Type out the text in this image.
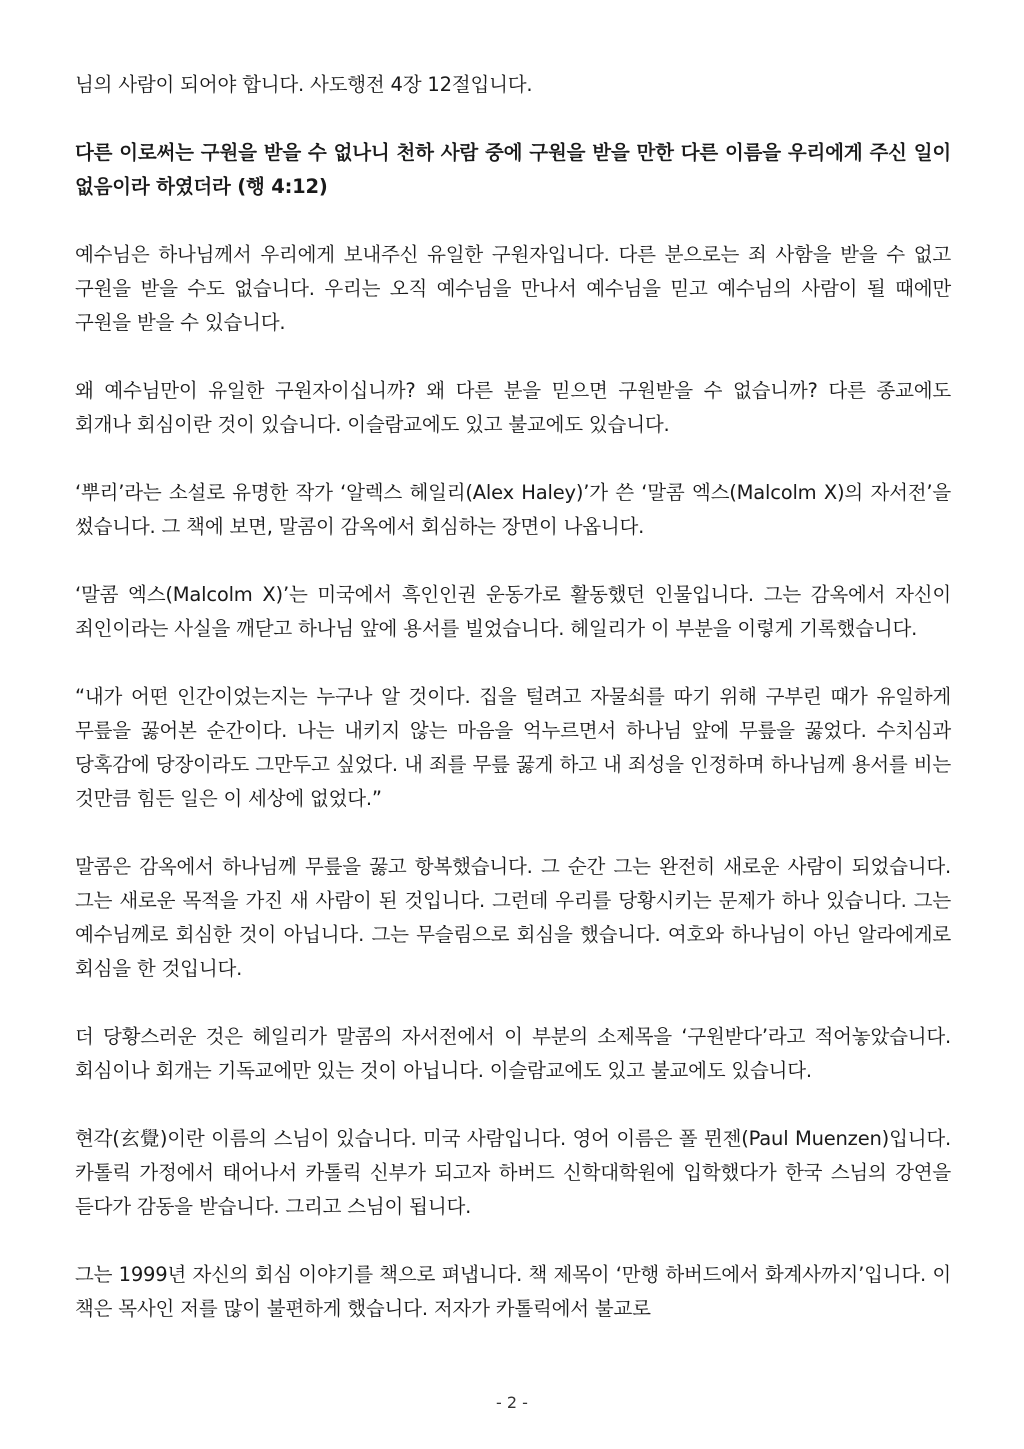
님의 사람이 되어야 합니다. 사도행전 4장 12절입니다.

다른 이로써는 구원을 받을 수 없나니 천하 사람 중에 구원을 받을 만한 다른 이름을 우리에게 주신 일이 없음이라 하였더라 (행 4:12)

예수님은 하나님께서 우리에게 보내주신 유일한 구원자입니다. 다른 분으로는 죄 사함을 받을 수 없고 구원을 받을 수도 없습니다. 우리는 오직 예수님을 만나서 예수님을 믿고 예수님의 사람이 될 때에만 구원을 받을 수 있습니다.

왜 예수님만이 유일한 구원자이십니까? 왜 다른 분을 믿으면 구원받을 수 없습니까? 다른 종교에도 회개나 회심이란 것이 있습니다. 이슬람교에도 있고 불교에도 있습니다.

‘뿌리’라는 소설로 유명한 작가 ‘알렉스 헤일리(Alex Haley)’가 쓴 ‘말콤 엑스(Malcolm X)의 자서전’을 썼습니다. 그 책에 보면, 말콤이 감옥에서 회심하는 장면이 나옵니다.

‘말콤 엑스(Malcolm X)’는 미국에서 흑인인권 운동가로 활동했던 인물입니다. 그는 감옥에서 자신이 죄인이라는 사실을 깨닫고 하나님 앞에 용서를 빌었습니다. 헤일리가 이 부분을 이렇게 기록했습니다.

“내가 어떤 인간이었는지는 누구나 알 것이다. 집을 털려고 자물쇠를 따기 위해 구부린 때가 유일하게 무릎을 꿇어본 순간이다. 나는 내키지 않는 마음을 억누르면서 하나님 앞에 무릎을 꿇었다. 수치심과 당혹감에 당장이라도 그만두고 싶었다. 내 죄를 무릎 꿇게 하고 내 죄성을 인정하며 하나님께 용서를 비는 것만큼 힘든 일은 이 세상에 없었다.”

말콤은 감옥에서 하나님께 무릎을 꿇고 항복했습니다. 그 순간 그는 완전히 새로운 사람이 되었습니다. 그는 새로운 목적을 가진 새 사람이 된 것입니다. 그런데 우리를 당황시키는 문제가 하나 있습니다. 그는 예수님께로 회심한 것이 아닙니다. 그는 무슬림으로 회심을 했습니다. 여호와 하나님이 아닌 알라에게로 회심을 한 것입니다.

더 당황스러운 것은 헤일리가 말콤의 자서전에서 이 부분의 소제목을 ‘구원받다’라고 적어놓았습니다. 회심이나 회개는 기독교에만 있는 것이 아닙니다. 이슬람교에도 있고 불교에도 있습니다.

현각(玄覺)이란 이름의 스님이 있습니다. 미국 사람입니다. 영어 이름은 폴 뮌젠(Paul Muenzen)입니다. 카톨릭 가정에서 태어나서 카톨릭 신부가 되고자 하버드 신학대학원에 입학했다가 한국 스님의 강연을 듣다가 감동을 받습니다. 그리고 스님이 됩니다.

그는 1999년 자신의 회심 이야기를 책으로 펴냅니다. 책 제목이 ‘만행 하버드에서 화계사까지’입니다. 이 책은 목사인 저를 많이 불편하게 했습니다. 저자가 카톨릭에서 불교로

- 2 -
